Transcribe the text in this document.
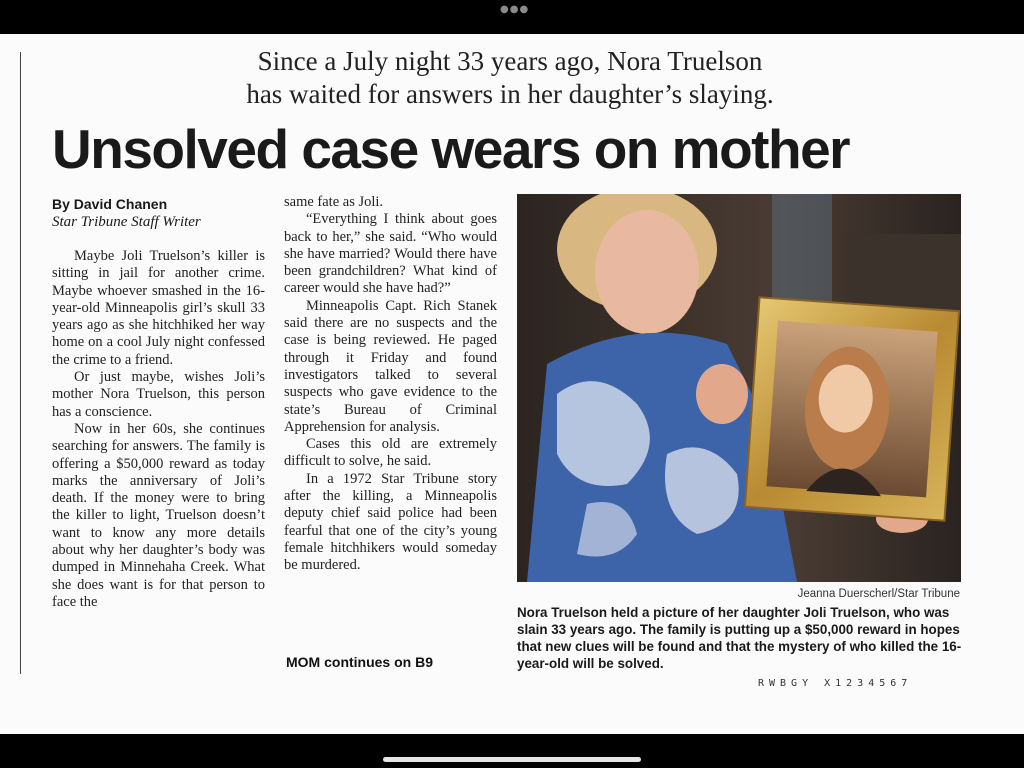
●●●
Since a July night 33 years ago, Nora Truelson
has waited for answers in her daughter’s slaying.
Unsolved case wears on mother
By David Chanen
Star Tribune Staff Writer

Maybe Joli Truelson’s killer is sitting in jail for another crime. Maybe whoever smashed in the 16-year-old Minneapolis girl’s skull 33 years ago as she hitchhiked her way home on a cool July night confessed the crime to a friend.

Or just maybe, wishes Joli’s mother Nora Truelson, this person has a conscience.

Now in her 60s, she continues searching for answers. The family is offering a $50,000 reward as today marks the anniversary of Joli’s death. If the money were to bring the killer to light, Truelson doesn’t want to know any more details about why her daughter’s body was dumped in Minnehaha Creek. What she does want is for that person to face the

same fate as Joli.

“Everything I think about goes back to her,” she said. “Who would she have married? Would there have been grandchildren? What kind of career would she have had?”

Minneapolis Capt. Rich Stanek said there are no suspects and the case is being reviewed. He paged through it Friday and found investigators talked to several suspects who gave evidence to the state’s Bureau of Criminal Apprehension for analysis.

Cases this old are extremely difficult to solve, he said.

In a 1972 Star Tribune story after the killing, a Minneapolis deputy chief said police had been fearful that one of the city’s young female hitchhikers would someday be murdered.

MOM continues on B9
Jeanna Duerscherl/Star Tribune
Nora Truelson held a picture of her daughter Joli Truelson, who was slain 33 years ago. The family is putting up a $50,000 reward in hopes that new clues will be found and that the mystery of who killed the 16-year-old will be solved.
RWBGY X1234567
